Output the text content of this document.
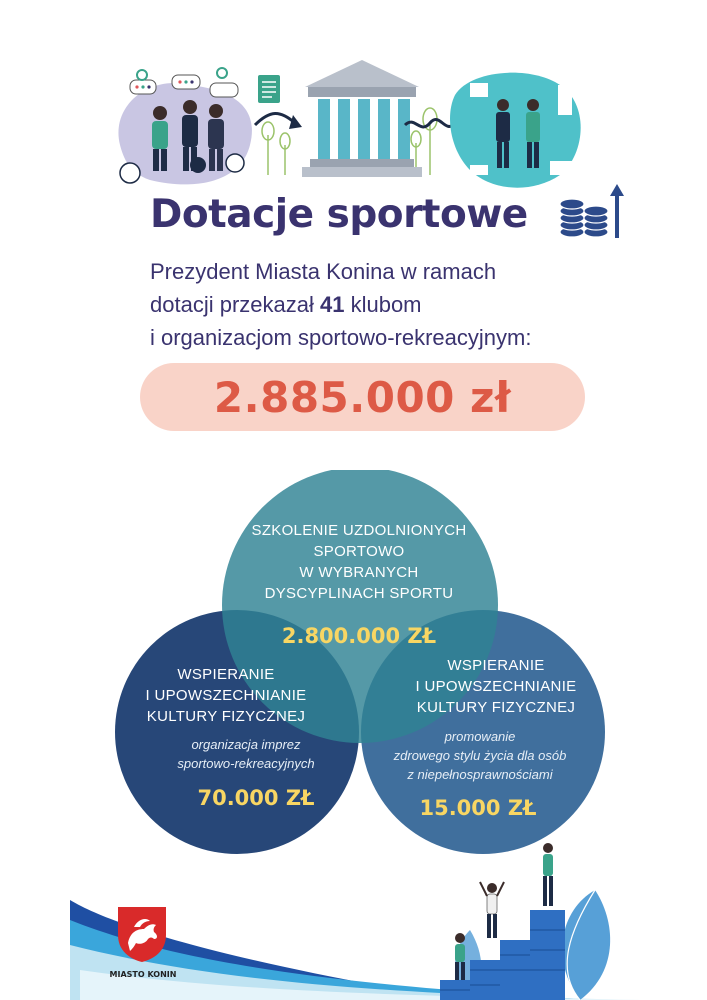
Dotacje sportowe
Prezydent Miasta Konina w ramach
dotacji przekazał 41 klubom
i organizacjom sportowo-rekreacyjnym:
2.885.000 zł
SZKOLENIE UZDOLNIONYCH
SPORTOWO
W WYBRANYCH
DYSCYPLINACH SPORTU
2.800.000 ZŁ
WSPIERANIE
I UPOWSZECHNIANIE
KULTURY FIZYCZNEJ
organizacja imprez
sportowo-rekreacyjnych
70.000 ZŁ
WSPIERANIE
I UPOWSZECHNIANIE
KULTURY FIZYCZNEJ
promowanie
zdrowego stylu życia dla osób
z niepełnosprawnościami
15.000 ZŁ
MIASTO KONIN
